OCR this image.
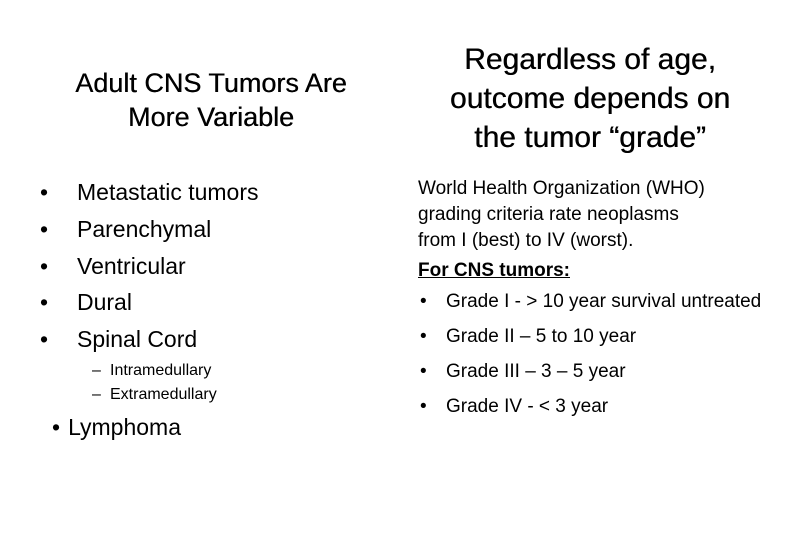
Adult CNS Tumors Are
More Variable
• Metastatic tumors
• Parenchymal
• Ventricular
• Dural
• Spinal Cord
– Intramedullary
– Extramedullary
• Lymphoma
Regardless of age,
outcome depends on
the tumor “grade”
World Health Organization (WHO)
grading criteria rate neoplasms
from I (best) to IV (worst).
For CNS tumors:
• Grade I - > 10 year survival untreated
• Grade II – 5 to 10 year
• Grade III – 3 – 5 year
• Grade IV - < 3 year
